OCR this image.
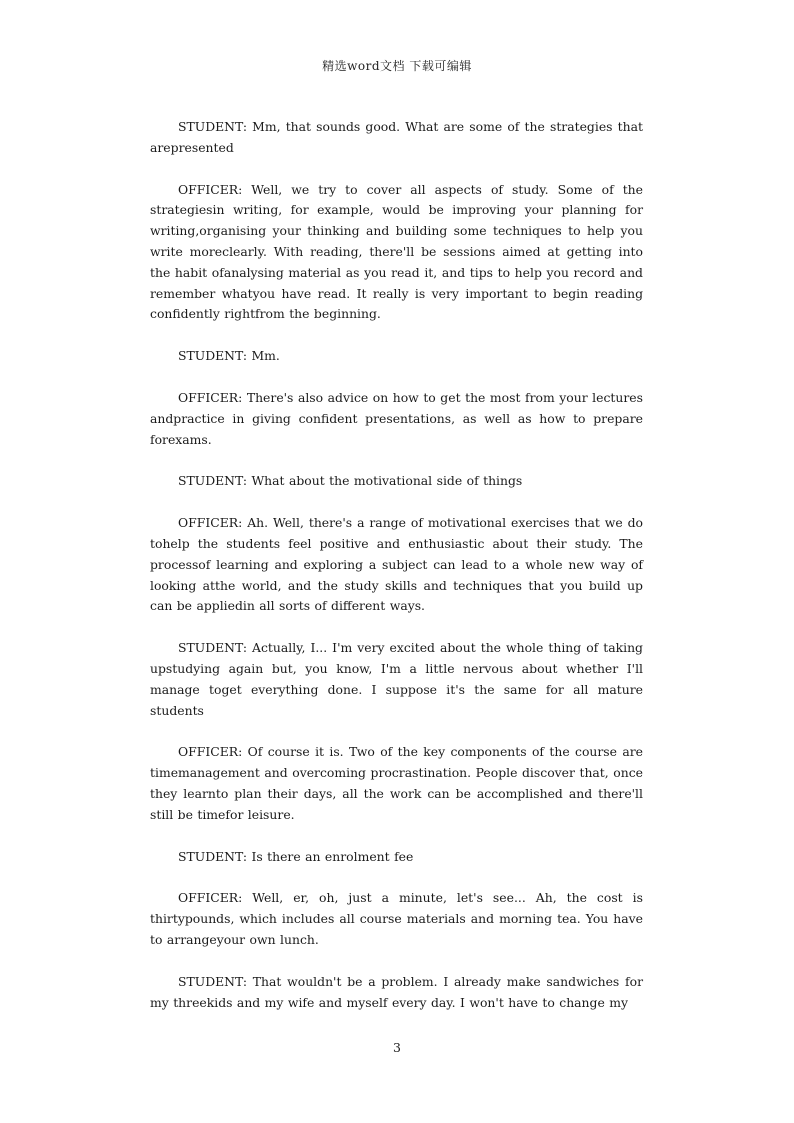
精选word文档 下载可编辑

STUDENT: Mm, that sounds good. What are some of the strategies that arepresented

OFFICER: Well, we try to cover all aspects of study. Some of the strategiesin writing, for example, would be improving your planning for writing,organising your thinking and building some techniques to help you write moreclearly. With reading, there'll be sessions aimed at getting into the habit ofanalysing material as you read it, and tips to help you record and remember whatyou have read. It really is very important to begin reading confidently rightfrom the beginning.

STUDENT: Mm.

OFFICER: There's also advice on how to get the most from your lectures andpractice in giving confident presentations, as well as how to prepare forexams.

STUDENT: What about the motivational side of things

OFFICER: Ah. Well, there's a range of motivational exercises that we do tohelp the students feel positive and enthusiastic about their study. The processof learning and exploring a subject can lead to a whole new way of looking atthe world, and the study skills and techniques that you build up can be appliedin all sorts of different ways.

STUDENT: Actually, I... I'm very excited about the whole thing of taking upstudying again but, you know, I'm a little nervous about whether I'll manage toget everything done. I suppose it's the same for all mature students

OFFICER: Of course it is. Two of the key components of the course are timemanagement and overcoming procrastination. People discover that, once they learnto plan their days, all the work can be accomplished and there'll still be timefor leisure.

STUDENT: Is there an enrolment fee

OFFICER: Well, er, oh, just a minute, let's see... Ah, the cost is thirtypounds, which includes all course materials and morning tea. You have to arrangeyour own lunch.

STUDENT: That wouldn't be a problem. I already make sandwiches for my threekids and my wife and myself every day. I won't have to change my

3
